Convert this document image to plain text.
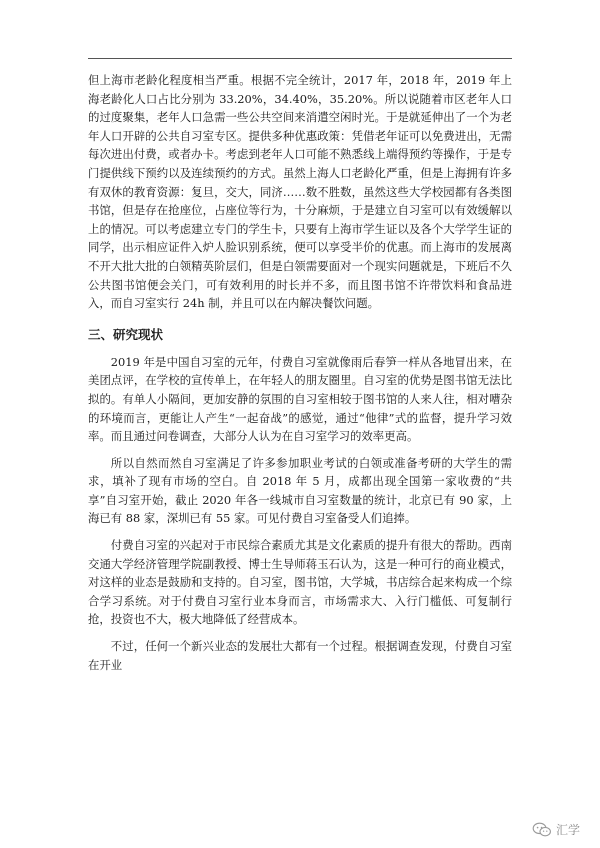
但上海市老龄化程度相当严重。根据不完全统计，2017 年，2018 年，2019 年上海老龄化人口占比分别为 33.20%，34.40%，35.20%。所以说随着市区老年人口的过度聚集，老年人口急需一些公共空间来消遣空闲时光。于是就延伸出了一个为老年人口开辟的公共自习室专区。提供多种优惠政策：凭借老年证可以免费进出，无需每次进出付费，或者办卡。考虑到老年人口可能不熟悉线上端得预约等操作，于是专门提供线下预约以及连续预约的方式。虽然上海人口老龄化严重，但是上海拥有许多有双休的教育资源：复旦，交大，同济……数不胜数，虽然这些大学校园都有各类图书馆，但是存在抢座位，占座位等行为，十分麻烦，于是建立自习室可以有效缓解以上的情况。可以考虑建立专门的学生卡，只要有上海市学生证以及各个大学学生证的同学，出示相应证件入炉人脸识别系统，便可以享受半价的优惠。而上海市的发展离不开大批大批的白领精英阶层们，但是白领需要面对一个现实问题就是，下班后不久公共图书馆便会关门，可有效利用的时长并不多，而且图书馆不许带饮料和食品进入，而自习室实行 24h 制，并且可以在内解决餐饮问题。

三、研究现状

2019 年是中国自习室的元年，付费自习室就像雨后春笋一样从各地冒出来，在美团点评，在学校的宣传单上，在年轻人的朋友圈里。自习室的优势是图书馆无法比拟的。有单人小隔间，更加安静的氛围的自习室相较于图书馆的人来人往，相对嘈杂的环境而言，更能让人产生“一起奋战”的感觉，通过“他律”式的监督，提升学习效率。而且通过问卷调查，大部分人认为在自习室学习的效率更高。

所以自然而然自习室满足了许多参加职业考试的白领或准备考研的大学生的需求，填补了现有市场的空白。自 2018 年 5 月，成都出现全国第一家收费的“共享”自习室开始，截止 2020 年各一线城市自习室数量的统计，北京已有 90 家，上海已有 88 家，深圳已有 55 家。可见付费自习室备受人们追捧。

付费自习室的兴起对于市民综合素质尤其是文化素质的提升有很大的帮助。西南交通大学经济管理学院副教授、博士生导师蒋玉石认为，这是一种可行的商业模式，对这样的业态是鼓励和支持的。自习室，图书馆，大学城，书店综合起来构成一个综合学习系统。对于付费自习室行业本身而言，市场需求大、入行门槛低、可复制行抢，投资也不大，极大地降低了经营成本。

不过，任何一个新兴业态的发展壮大都有一个过程。根据调查发现，付费自习室在开业

汇学
